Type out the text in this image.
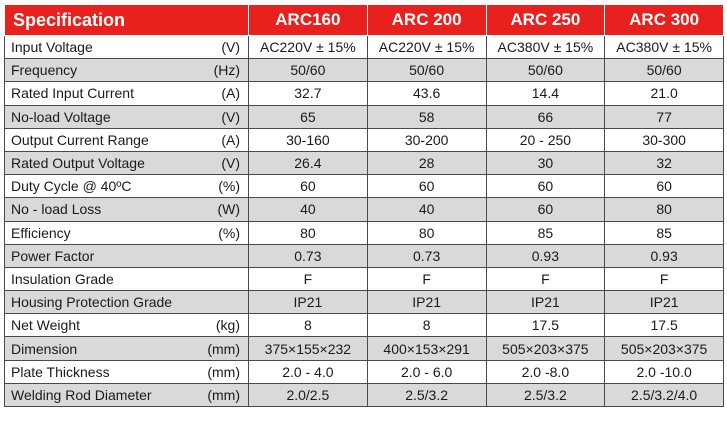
Specification	ARC160	ARC 200	ARC 250	ARC 300

Input Voltage (V)	AC220V ± 15%	AC220V ± 15%	AC380V ± 15%	AC380V ± 15%

Frequency (Hz)	50/60	50/60	50/60	50/60

Rated Input Current (A)	32.7	43.6	14.4	21.0

No-load Voltage (V)	65	58	66	77

Output Current Range (A)	30-160	30-200	20 - 250	30-300

Rated Output Voltage (V)	26.4	28	30	32

Duty Cycle @ 40ºC (%)	60	60	60	60

No - load Loss (W)	40	40	60	80

Efficiency (%)	80	80	85	85

Power Factor	0.73	0.73	0.93	0.93

Insulation Grade	F	F	F	F

Housing Protection Grade	IP21	IP21	IP21	IP21

Net Weight (kg)	8	8	17.5	17.5

Dimension (mm)	375×155×232	400×153×291	505×203×375	505×203×375

Plate Thickness (mm)	2.0 - 4.0	2.0 - 6.0	2.0 -8.0	2.0 -10.0

Welding Rod Diameter (mm)	2.0/2.5	2.5/3.2	2.5/3.2	2.5/3.2/4.0
